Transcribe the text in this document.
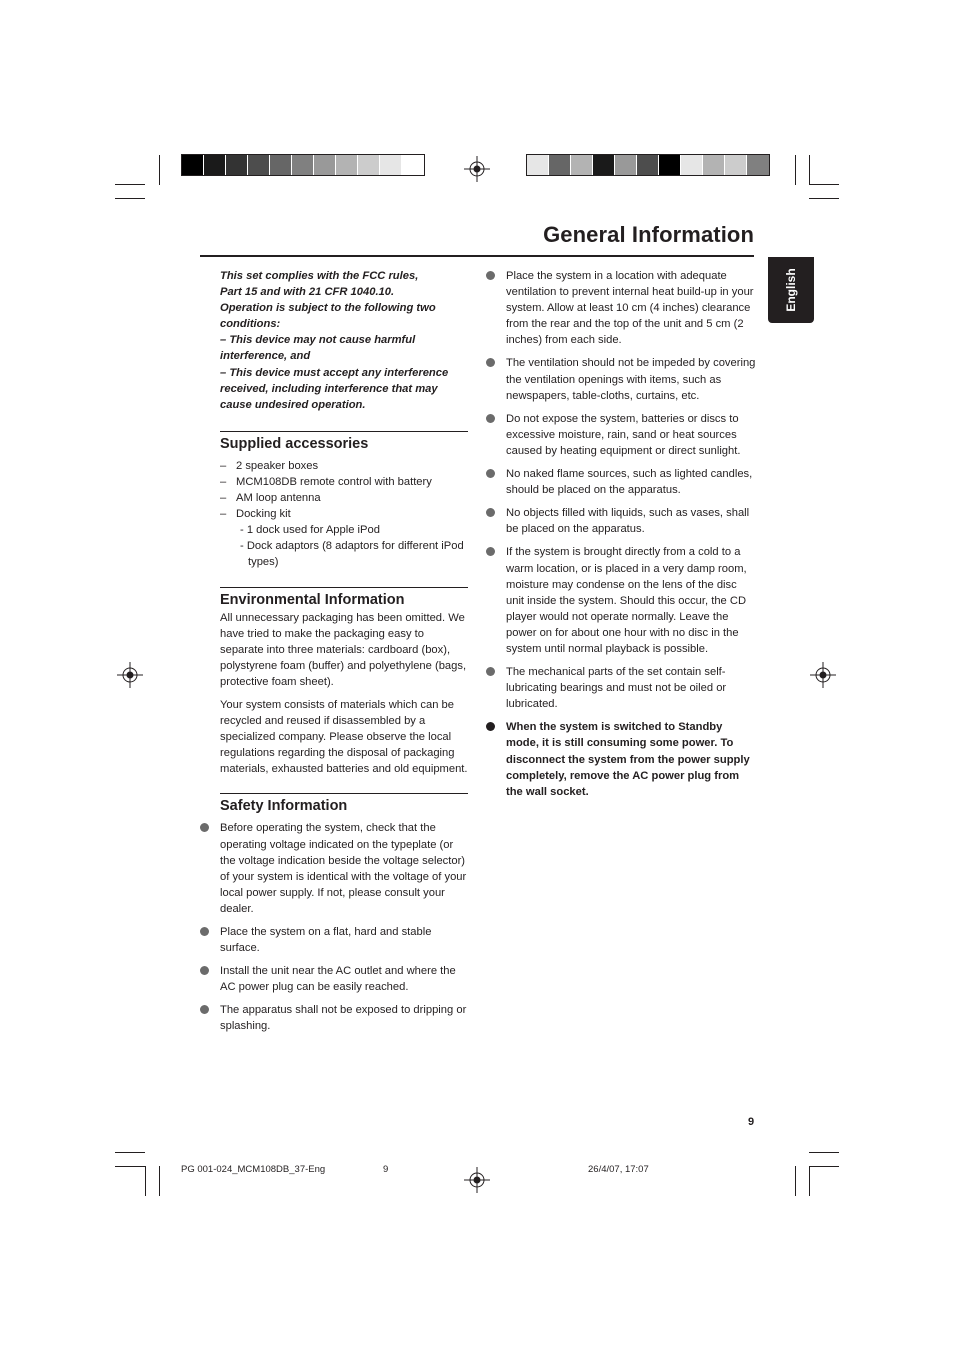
General Information
English

This set complies with the FCC rules,

Part 15 and with 21 CFR 1040.10.

Operation is subject to the following two conditions:

– This device may not cause harmful interference, and

– This device must accept any interference received, including interference that may cause undesired operation.

Supplied accessories
– 2 speaker boxes
– MCM108DB remote control with battery
– AM loop antenna
– Docking kit
- 1 dock used for Apple iPod
- Dock adaptors (8 adaptors for different iPod types)
Environmental Information

All unnecessary packaging has been omitted. We have tried to make the packaging easy to separate into three materials: cardboard (box), polystyrene foam (buffer) and polyethylene (bags, protective foam sheet).

Your system consists of materials which can be recycled and reused if disassembled by a specialized company. Please observe the local regulations regarding the disposal of packaging materials, exhausted batteries and old equipment.

Safety Information
Before operating the system, check that the operating voltage indicated on the typeplate (or the voltage indication beside the voltage selector) of your system is identical with the voltage of your local power supply. If not, please consult your dealer.
Place the system on a flat, hard and stable surface.
Install the unit near the AC outlet and where the AC power plug can be easily reached.
The apparatus shall not be exposed to dripping or splashing.
Place the system in a location with adequate ventilation to prevent internal heat build-up in your system. Allow at least 10 cm (4 inches) clearance from the rear and the top of the unit and 5 cm (2 inches) from each side.
The ventilation should not be impeded by covering the ventilation openings with items, such as newspapers, table-cloths, curtains, etc.
Do not expose the system, batteries or discs to excessive moisture, rain, sand or heat sources caused by heating equipment or direct sunlight.
No naked flame sources, such as lighted candles, should be placed on the apparatus.
No objects filled with liquids, such as vases, shall be placed on the apparatus.
If the system is brought directly from a cold to a warm location, or is placed in a very damp room, moisture may condense on the lens of the disc unit inside the system. Should this occur, the CD player would not operate normally. Leave the power on for about one hour with no disc in the system until normal playback is possible.
The mechanical parts of the set contain self-lubricating bearings and must not be oiled or lubricated.
When the system is switched to Standby mode, it is still consuming some power. To disconnect the system from the power supply completely, remove the AC power plug from the wall socket.
9
PG 001-024_MCM108DB_37-Eng	9	26/4/07, 17:07
